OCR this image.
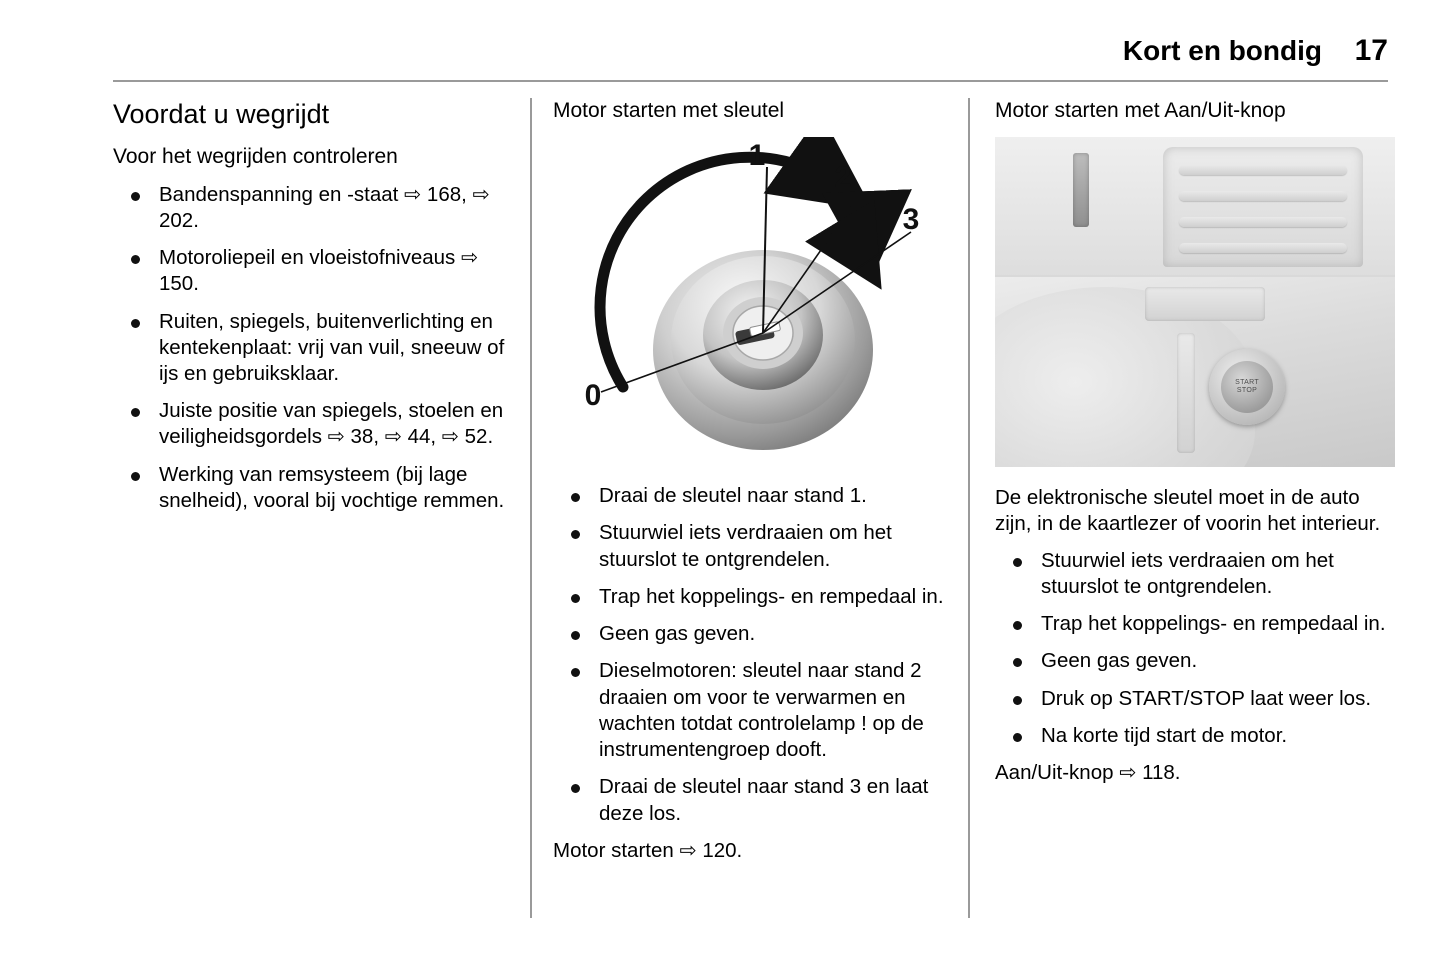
Kort en bondig 17
Voordat u wegrijdt
Voor het wegrijden controleren
Bandenspanning en -staat ⇨ 168, ⇨ 202.
Motoroliepeil en vloeistofniveaus ⇨ 150.
Ruiten, spiegels, buitenverlichting en kentekenplaat: vrij van vuil, sneeuw of ijs en gebruiksklaar.
Juiste positie van spiegels, stoelen en veiligheidsgordels ⇨ 38, ⇨ 44, ⇨ 52.
Werking van remsysteem (bij lage snelheid), vooral bij vochtige remmen.
Motor starten met sleutel
1
2
3
0
Draai de sleutel naar stand 1.
Stuurwiel iets verdraaien om het stuurslot te ontgrendelen.
Trap het koppelings- en rempedaal in.
Geen gas geven.
Dieselmotoren: sleutel naar stand 2 draaien om voor te verwarmen en wachten totdat controlelamp ! op de instrumentengroep dooft.
Draai de sleutel naar stand 3 en laat deze los.
Motor starten ⇨ 120.
Motor starten met Aan/Uit-knop
START
STOP
De elektronische sleutel moet in de auto zijn, in de kaartlezer of voorin het interieur.
Stuurwiel iets verdraaien om het stuurslot te ontgrendelen.
Trap het koppelings- en rempedaal in.
Geen gas geven.
Druk op START/STOP laat weer los.
Na korte tijd start de motor.
Aan/Uit-knop ⇨ 118.
